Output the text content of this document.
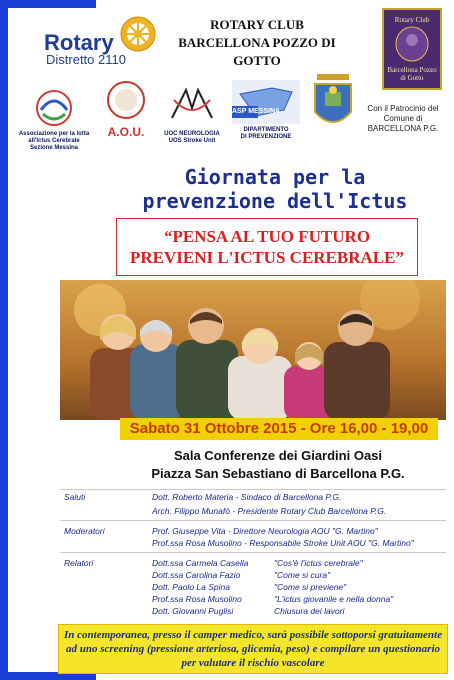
Rotary
Distretto 2110
ROTARY CLUB
BARCELLONA POZZO DI GOTTO
Rotary Club
Barcellona Pozzo di Gotto
Associazione per la lotta
all'Ictus Cerebrale
Sezione Messina
A.O.U.	UOC NEUROLOGIA
UOS Stroke Unit
ASP MESSINA
DIPARTIMENTO
DI PREVENZIONE
Con il Patrocinio del
Comune di
BARCELLONA P.G.
Giornata per la
prevenzione dell'Ictus
“PENSA AL TUO FUTURO
PREVIENI L'ICTUS CEREBRALE”
Sabato 31 Ottobre 2015 - Ore 16,00 - 19,00
Sala Conferenze dei Giardini Oasi
Piazza San Sebastiano di Barcellona P.G.
Saluti	Dott. Roberto Materia - Sindaco di Barcellona P.G.
Arch. Filippo Munafò - Presidente Rotary Club Barcellona P.G.
Moderatori	Prof. Giuseppe Vita - Direttore Neurologia AOU "G. Martino"
Prof.ssa Rosa Musolino - Responsabile Stroke Unit AOU "G. Martino"
Relatori	Dott.ssa Carmela Casella	"Cos'è l'ictus cerebrale"
Dott.ssa Carolina Fazio	"Come si cura"
Dott. Paolo La Spina	"Come si previene"
Prof.ssa Rosa Musolino	"L'ictus giovanile e nella donna"
Dott. Giovanni Puglisi	Chiusura dei lavori
In contemporanea, presso il camper medico, sarà possibile sottoporsi gratuitamente
ad uno screening (pressione arteriosa, glicemia, peso) e compilare un questionario
per valutare il rischio vascolare
